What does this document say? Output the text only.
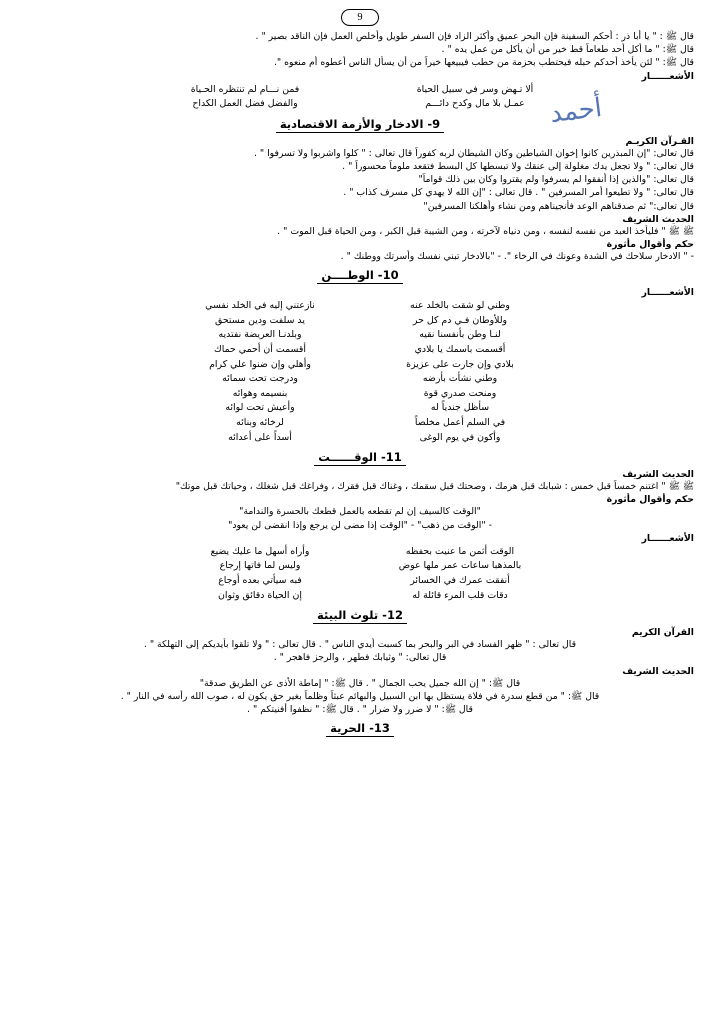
9
أحمد
قال ﷺ : " يا أبا ذر : أحكم السفينة فإن البحر عميق وأكثر الزاد فإن السفر طويل وأخلص العمل فإن الناقد بصير " .
قال ﷺ: " ما أكل أحد طعاماً قط خير من أن يأكل من عمل يده " .
قال ﷺ: " لئن يأخذ أحدكم حبله فيحتطب بحزمة من حطب فيبيعها خيراً من أن يسأل الناس أعطوه أم منعوه ".
الأشعــــــار
ألا تـهض وسر في سبيل الحياة
فمن نـــام لم تنتظره الحـياة
عمـل بلا مال وكدح دائـــم
والفضل فضل العمل الكداح
9- الادخار والأزمة الاقتصادية
القـرآن الكريـم
قال تعالى: "إن المبذرين كانوا إخوان الشياطين وكان الشيطان لربه كفوراً قال تعالى : " كلوا واشربوا ولا تسرفوا " .
قال تعالى: " ولا تجعل يدك مغلولة إلى عنقك ولا تبسطها كل البسط فتقعد ملوماً محسوراً " .
قال تعالى: "والذين إذا أنفقوا لم يسرفوا ولم يقتروا وكان بين ذلك قواماً"
قال تعالى: " ولا تطيعوا أمر المسرفين " . قال تعالى : "إن الله لا يهدي كل مسرف كذاب " .
قال تعالى:" ثم صدقناهم الوعد فأنجيناهم ومن نشاء وأهلكنا المسرفين"
الحديث الشريف
ﷺ ﷺ " فليأخذ العبد من نفسه لنفسه ، ومن دنياه لآخرته ، ومن الشيبة قبل الكبر ، ومن الحياة قبل الموت " .
حكم وأقوال مأثورة
- " الادخار سلاحك في الشدة وعونك في الرخاء ". - "بالادخار تبني نفسك وأسرتك ووطنك " .
10- الوطــــن
الأشعــــــار
وطني لو شقت بالخلد عنه
نازعتني إليه في الخلد نفسي
وللأوطان فـي دم كل حر
يد سلفت ودين مستحق
لنـا وطن بأنفسنا نقيه
وبلدنـا العريضة نفتديه
أقسمت باسمك يا بلادي
أقسمت أن أحمي حماك
بلادي وإن جارت على عزيزة
وأهلي وإن ضنوا علي كرام
وطني نشأت بأرضه
ودرجت تحت سمائه
ومنحت صدري قوة
بنسيمه وهوائه
سأظل جندياً له
وأعيش تحت لوائه
في السلم أعمل مخلصاً
لرخائه وبنائه
وأكون في يوم الوغى
أسداً على أعدائه
11- الوقــــــت
الحديث الشريف
ﷺ ﷺ " اغتنم خمساً قبل خمس : شبابك قبل هرمك ، وصحتك قبل سقمك ، وغناك قبل فقرك ، وفراغك قبل شغلك ، وحياتك قبل موتك"
حكم وأقوال مأثورة
"الوقت كالسيف إن لم تقطعه بالعمل قطعك بالحسرة والندامة"
- "الوقت من ذهب" - "الوقت إذا مضى لن يرجع وإذا انقضى لن يعود"
الأشعــــــار
الوقت أثمن ما عنيت بحفظه
وأراه أسهل ما عليك يضيع
بالمذهبا ساعات عمر ملها عوض
وليس لما فاتها إرجاع
أنفقت عمرك في الخسائر
فبه سيأتي بعده أوجاع
دقات قلب المرء قائلة له
إن الحياة دقائق وثوان
12- تلوث البيئة
القرآن الكريم
قال تعالى : " ظهر الفساد في البر والبحر بما كسبت أيدي الناس " . قال تعالى : " ولا تلقوا بأيديكم إلى التهلكة " .
قال تعالى: " وثيابك فطهر ، والرجز فاهجر " .
الحديث الشريف
قال ﷺ: " إن الله جميل يحب الجمال " . قال ﷺ: " إماطة الأذى عن الطريق صدقة"
قال ﷺ: " من قطع سدرة في فلاة يستظل بها ابن السبيل والبهائم عبثاً وظلماً بغير حق يكون له ، صوب الله رأسه في النار " .
قال ﷺ: " لا ضرر ولا ضرار " . قال ﷺ: " نظفوا أفنيتكم " .
13- الحرية
